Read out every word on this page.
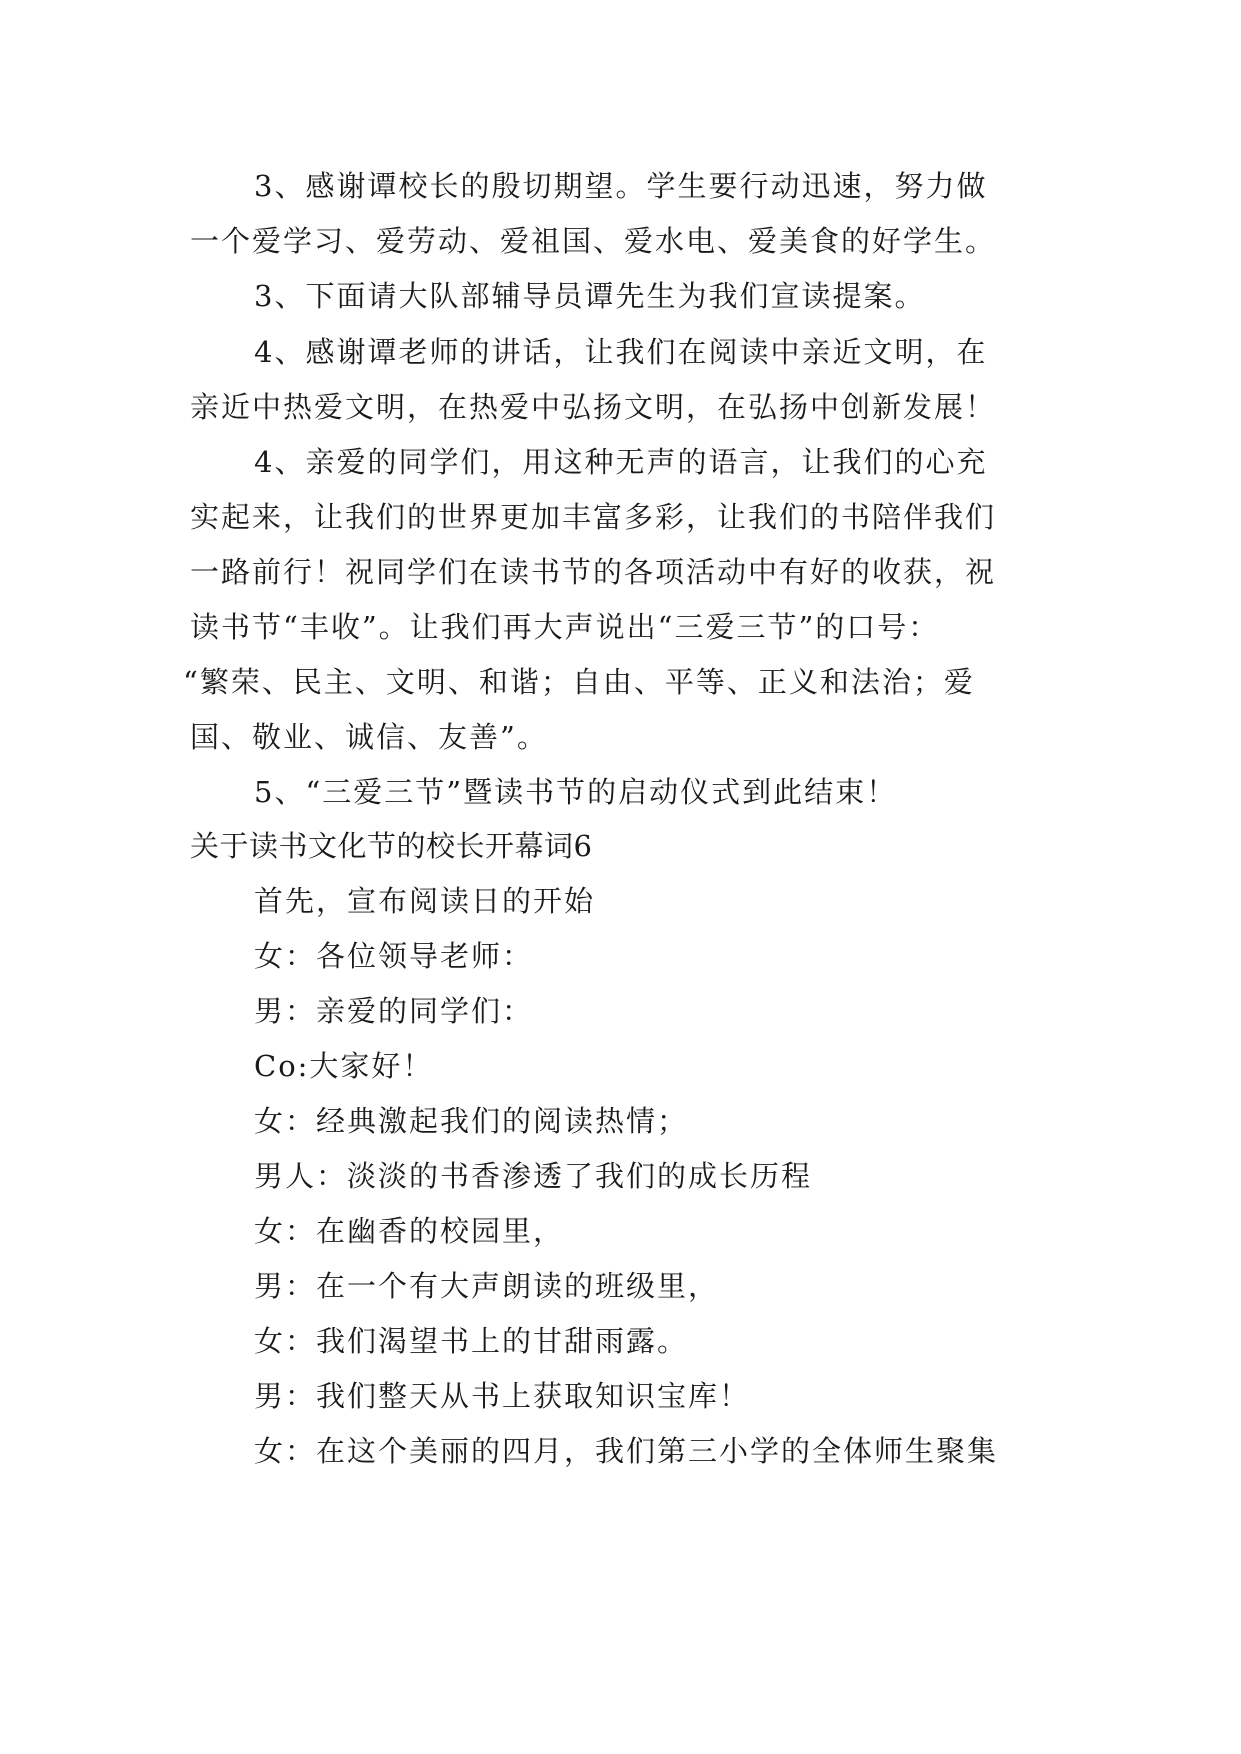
3、感谢谭校长的殷切期望。学生要行动迅速，努力做
一个爱学习、爱劳动、爱祖国、爱水电、爱美食的好学生。
3、下面请大队部辅导员谭先生为我们宣读提案。
4、感谢谭老师的讲话，让我们在阅读中亲近文明，在
亲近中热爱文明，在热爱中弘扬文明，在弘扬中创新发展！
4、亲爱的同学们，用这种无声的语言，让我们的心充
实起来，让我们的世界更加丰富多彩，让我们的书陪伴我们
一路前行！祝同学们在读书节的各项活动中有好的收获，祝
读书节“丰收”。让我们再大声说出“三爱三节”的口号：
“繁荣、民主、文明、和谐；自由、平等、正义和法治；爱
国、敬业、诚信、友善”。
5、“三爱三节”暨读书节的启动仪式到此结束！
关于读书文化节的校长开幕词6
首先，宣布阅读日的开始
女：各位领导老师：
男：亲爱的同学们：
Co:大家好！
女：经典激起我们的阅读热情；
男人：淡淡的书香渗透了我们的成长历程
女：在幽香的校园里，
男：在一个有大声朗读的班级里，
女：我们渴望书上的甘甜雨露。
男：我们整天从书上获取知识宝库！
女：在这个美丽的四月，我们第三小学的全体师生聚集
